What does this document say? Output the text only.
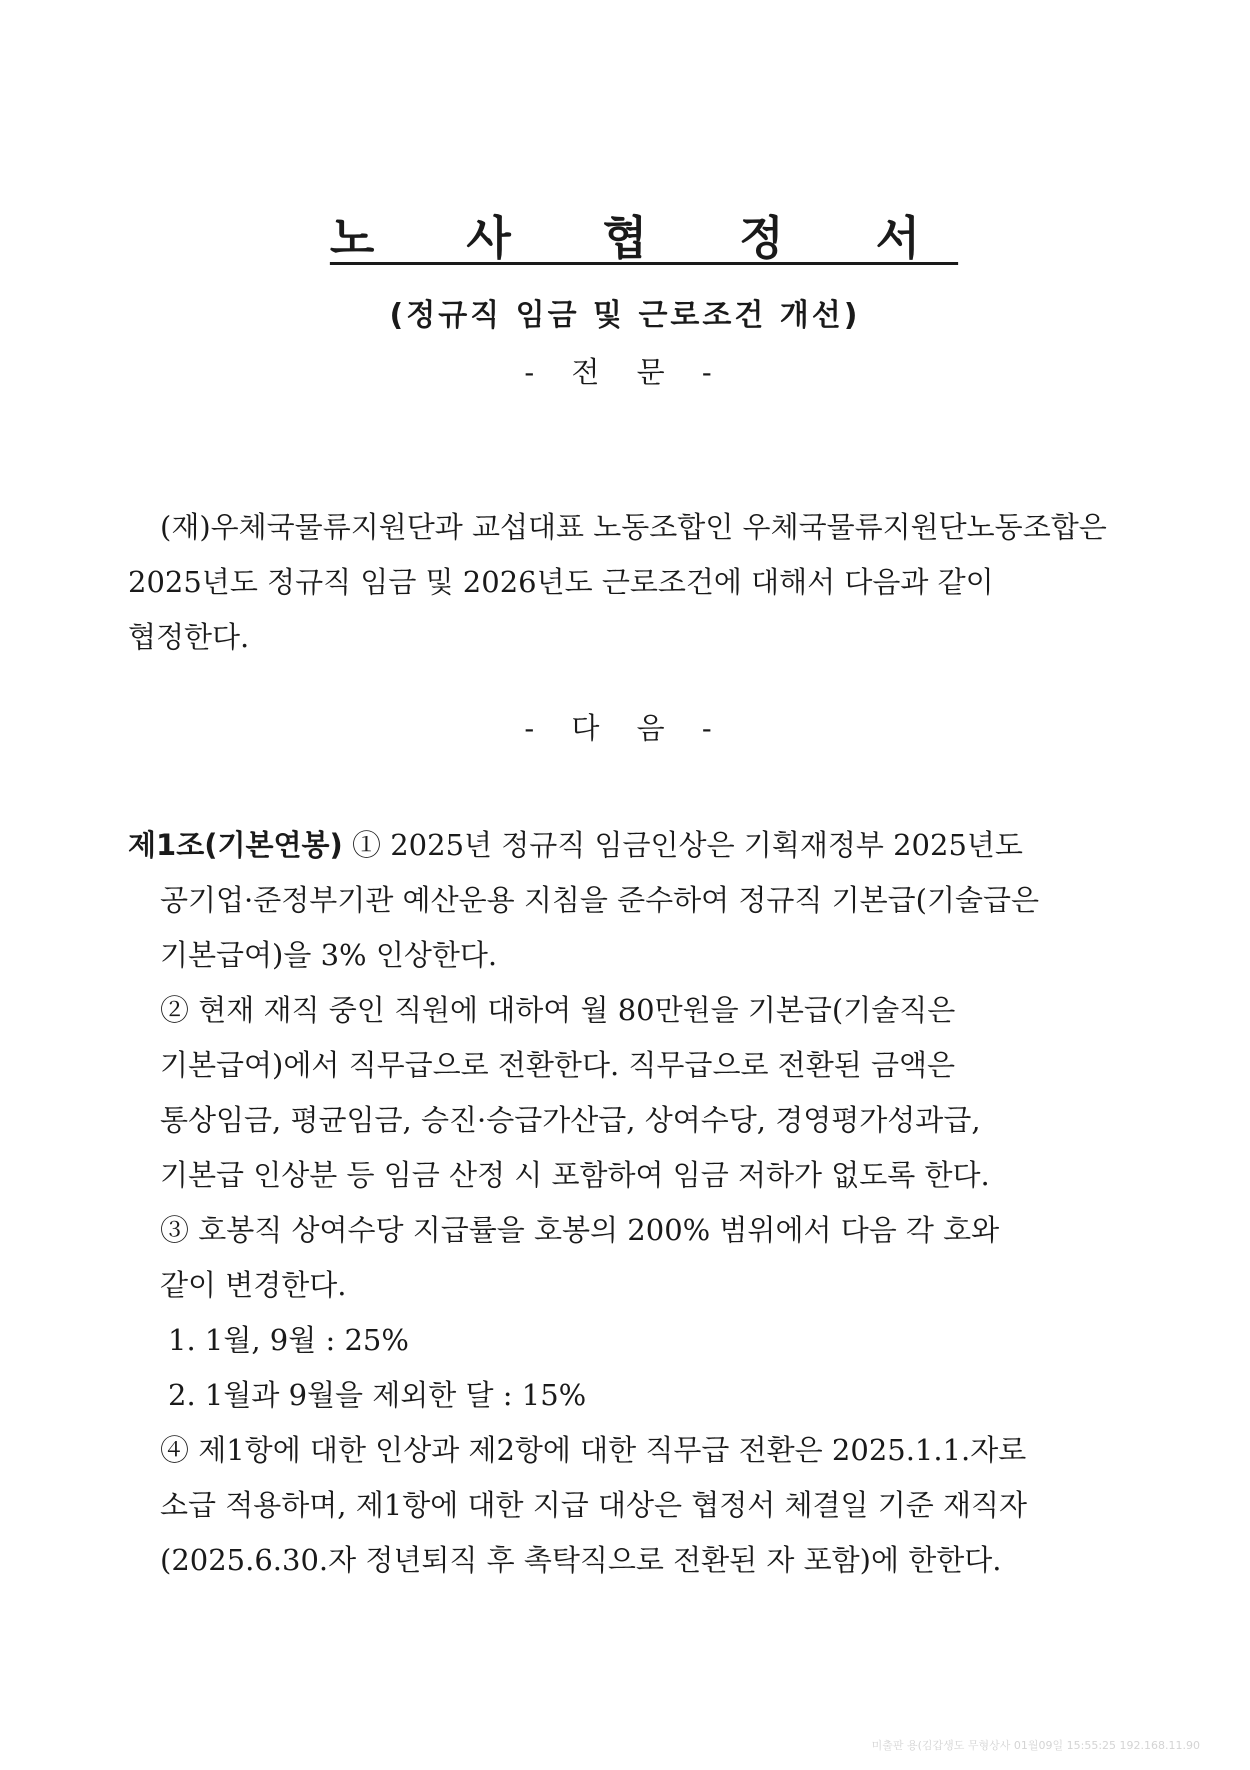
노 사 협 정 서
(정규직 임금 및 근로조건 개선)
- 전 문 -
(재)우체국물류지원단과 교섭대표 노동조합인 우체국물류지원단노동조합은
2025년도 정규직 임금 및 2026년도 근로조건에 대해서 다음과 같이
협정한다.
- 다 음 -
제1조(기본연봉) ① 2025년 정규직 임금인상은 기획재정부 2025년도
공기업·준정부기관 예산운용 지침을 준수하여 정규직 기본급(기술급은
기본급여)을 3% 인상한다.
② 현재 재직 중인 직원에 대하여 월 80만원을 기본급(기술직은
기본급여)에서 직무급으로 전환한다. 직무급으로 전환된 금액은
통상임금, 평균임금, 승진·승급가산급, 상여수당, 경영평가성과급,
기본급 인상분 등 임금 산정 시 포함하여 임금 저하가 없도록 한다.
③ 호봉직 상여수당 지급률을 호봉의 200% 범위에서 다음 각 호와
같이 변경한다.
1. 1월, 9월 : 25%
2. 1월과 9월을 제외한 달 : 15%
④ 제1항에 대한 인상과 제2항에 대한 직무급 전환은 2025.1.1.자로
소급 적용하며, 제1항에 대한 지급 대상은 협정서 체결일 기준 재직자
(2025.6.30.자 정년퇴직 후 촉탁직으로 전환된 자 포함)에 한한다.
미출판 용(김갑생도 무형상사 01월09일 15:55:25 192.168.11.90
